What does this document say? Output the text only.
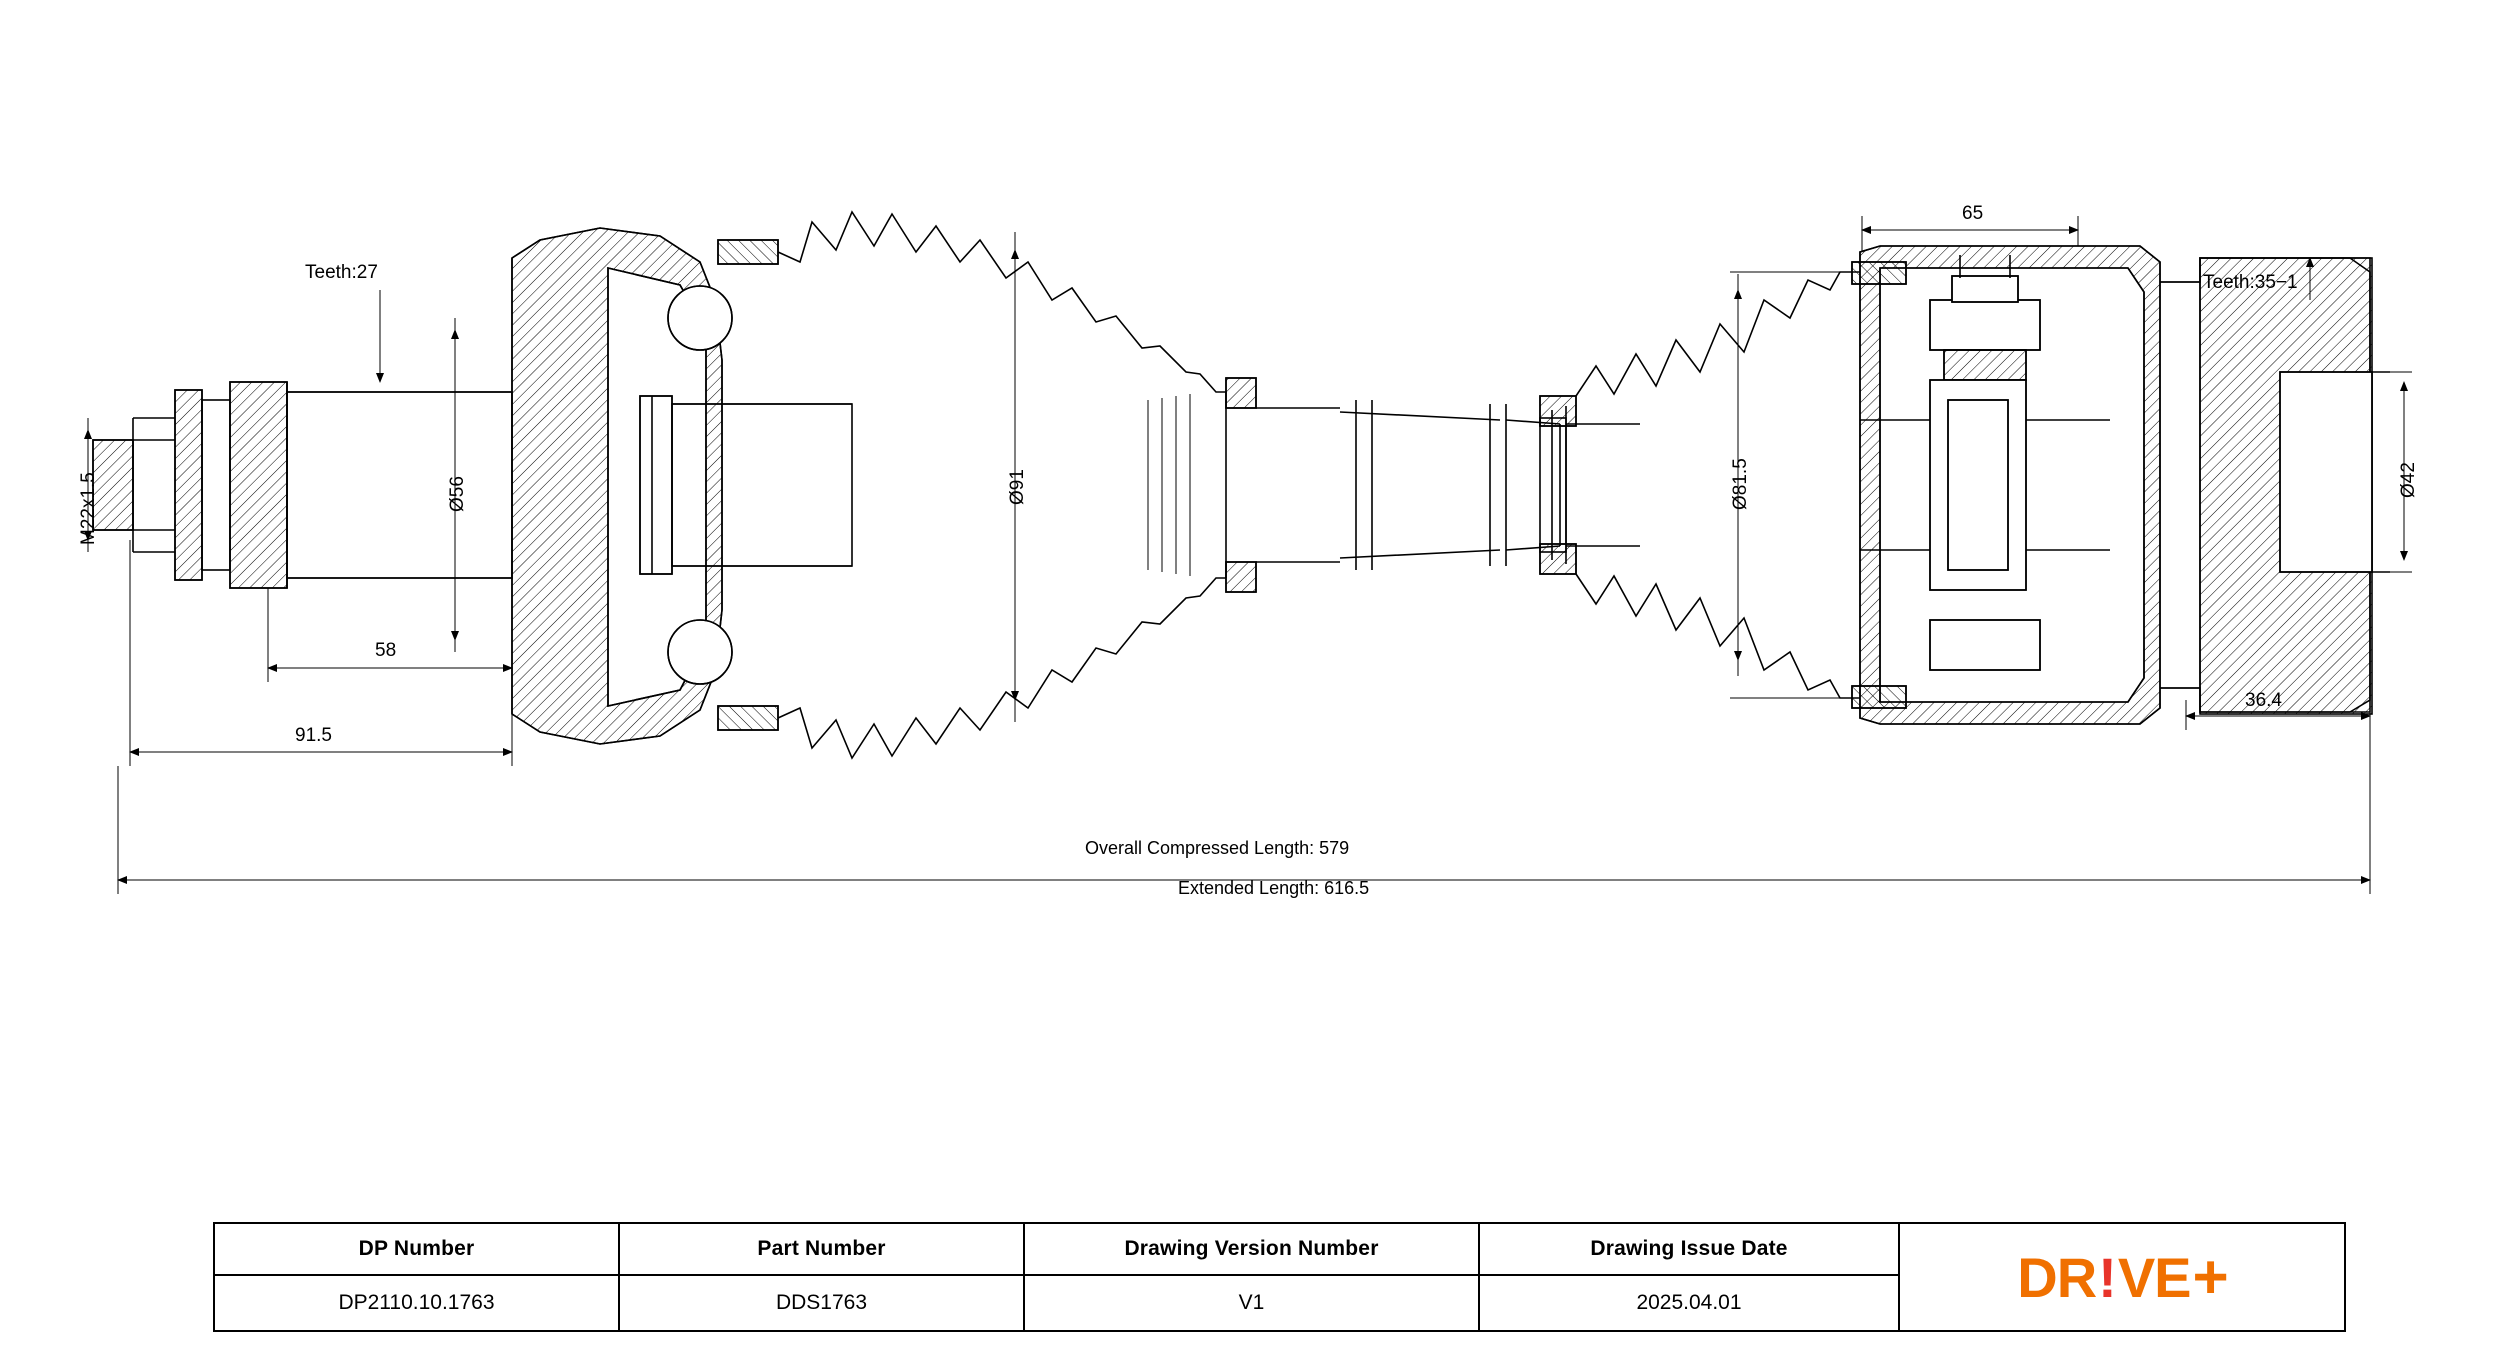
M22x1.5
Teeth:27
Ø56
58
91.5
Ø91
65
Ø81.5
Teeth:35−1
Ø42
36.4
Overall Compressed Length: 579
Extended Length: 616.5
DP Number
DP2110.10.1763
Part Number
DDS1763
Drawing Version Number
V1
Drawing Issue Date
2025.04.01	DR ! VE +
